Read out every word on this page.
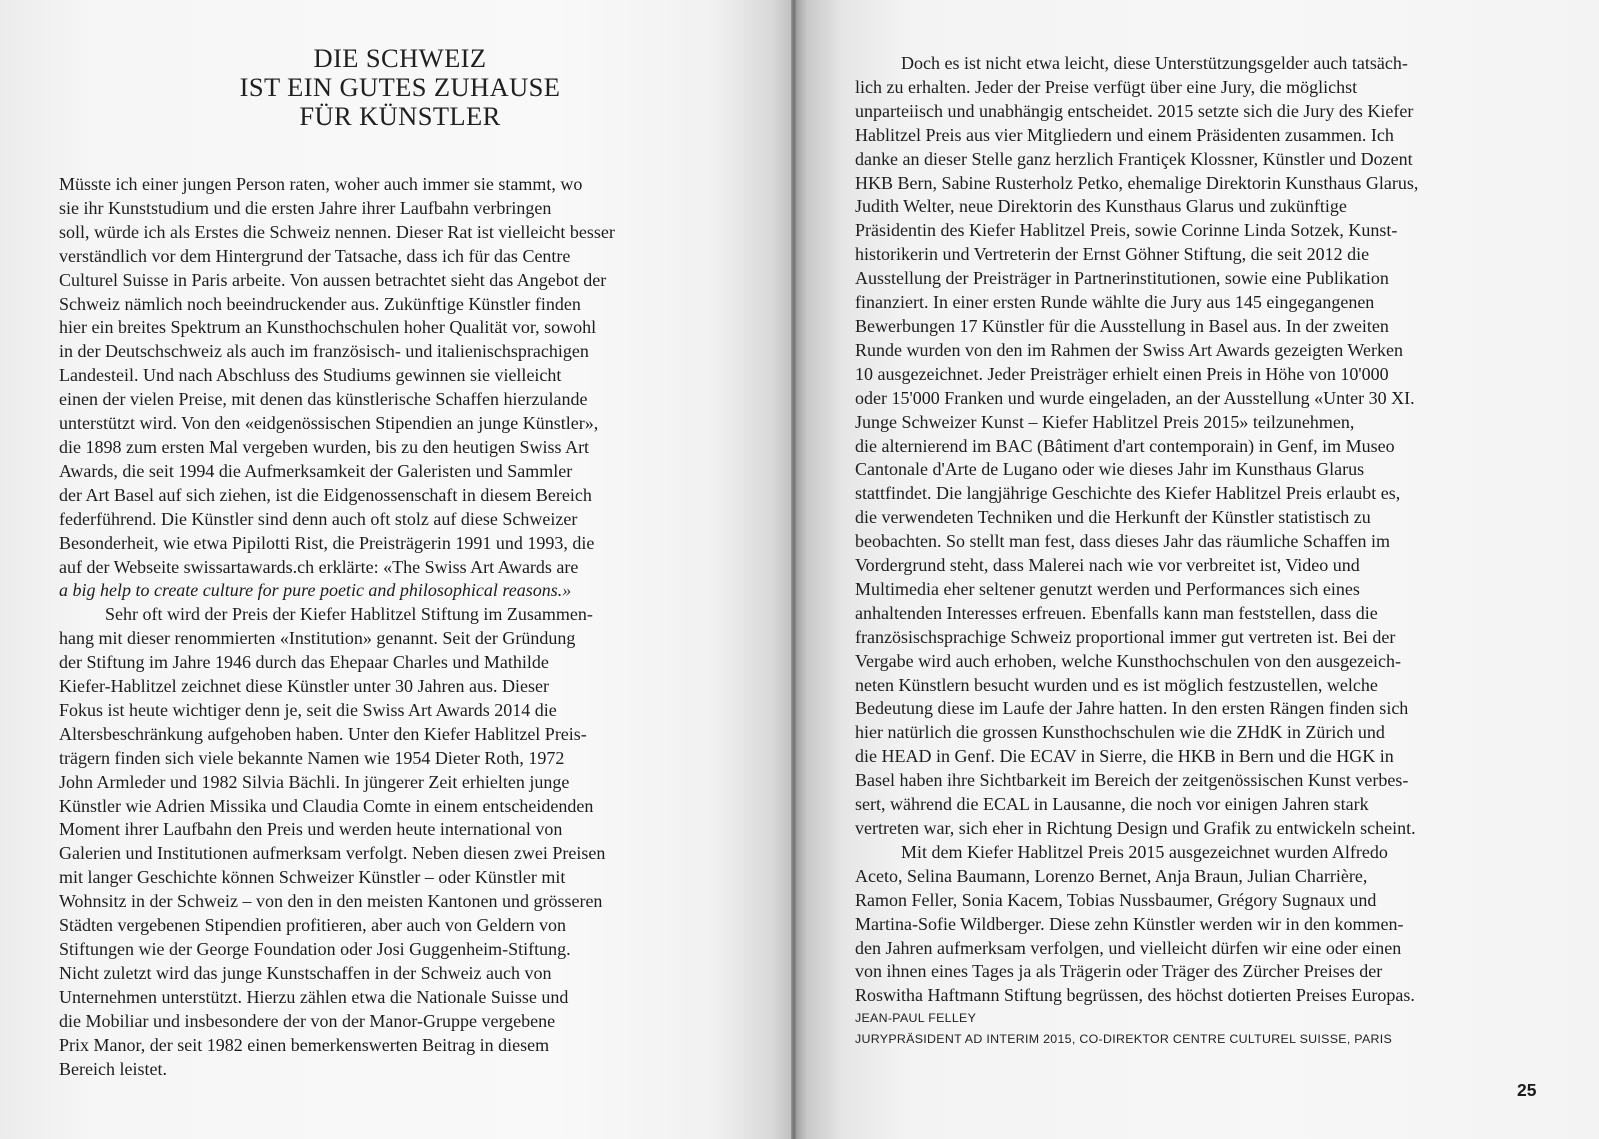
DIE SCHWEIZ
IST EIN GUTES ZUHAUSE
FÜR KÜNSTLER
Müsste ich einer jungen Person raten, woher auch immer sie stammt, wo
sie ihr Kunststudium und die ersten Jahre ihrer Laufbahn verbringen
soll, würde ich als Erstes die Schweiz nennen. Dieser Rat ist vielleicht besser
verständlich vor dem Hintergrund der Tatsache, dass ich für das Centre
Culturel Suisse in Paris arbeite. Von aussen betrachtet sieht das Angebot der
Schweiz nämlich noch beeindruckender aus. Zukünftige Künstler finden
hier ein breites Spektrum an Kunsthochschulen hoher Qualität vor, sowohl
in der Deutschschweiz als auch im französisch- und italienischsprachigen
Landesteil. Und nach Abschluss des Studiums gewinnen sie vielleicht
einen der vielen Preise, mit denen das künstlerische Schaffen hierzulande
unterstützt wird. Von den «eidgenössischen Stipendien an junge Künstler»,
die 1898 zum ersten Mal vergeben wurden, bis zu den heutigen Swiss Art
Awards, die seit 1994 die Aufmerksamkeit der Galeristen und Sammler
der Art Basel auf sich ziehen, ist die Eidgenossenschaft in diesem Bereich
federführend. Die Künstler sind denn auch oft stolz auf diese Schweizer
Besonderheit, wie etwa Pipilotti Rist, die Preisträgerin 1991 und 1993, die
auf der Webseite swissartawards.ch erklärte: «The Swiss Art Awards are
a big help to create culture for pure poetic and philosophical reasons.»
Sehr oft wird der Preis der Kiefer Hablitzel Stiftung im Zusammen-
hang mit dieser renommierten «Institution» genannt. Seit der Gründung
der Stiftung im Jahre 1946 durch das Ehepaar Charles und Mathilde
Kiefer-Hablitzel zeichnet diese Künstler unter 30 Jahren aus. Dieser
Fokus ist heute wichtiger denn je, seit die Swiss Art Awards 2014 die
Altersbeschränkung aufgehoben haben. Unter den Kiefer Hablitzel Preis-
trägern finden sich viele bekannte Namen wie 1954 Dieter Roth, 1972
John Armleder und 1982 Silvia Bächli. In jüngerer Zeit erhielten junge
Künstler wie Adrien Missika und Claudia Comte in einem entscheidenden
Moment ihrer Laufbahn den Preis und werden heute international von
Galerien und Institutionen aufmerksam verfolgt. Neben diesen zwei Preisen
mit langer Geschichte können Schweizer Künstler – oder Künstler mit
Wohnsitz in der Schweiz – von den in den meisten Kantonen und grösseren
Städten vergebenen Stipendien profitieren, aber auch von Geldern von
Stiftungen wie der George Foundation oder Josi Guggenheim-Stiftung.
Nicht zuletzt wird das junge Kunstschaffen in der Schweiz auch von
Unternehmen unterstützt. Hierzu zählen etwa die Nationale Suisse und
die Mobiliar und insbesondere der von der Manor-Gruppe vergebene
Prix Manor, der seit 1982 einen bemerkenswerten Beitrag in diesem
Bereich leistet.
Doch es ist nicht etwa leicht, diese Unterstützungsgelder auch tatsäch-
lich zu erhalten. Jeder der Preise verfügt über eine Jury, die möglichst
unparteiisch und unabhängig entscheidet. 2015 setzte sich die Jury des Kiefer
Hablitzel Preis aus vier Mitgliedern und einem Präsidenten zusammen. Ich
danke an dieser Stelle ganz herzlich Frantiçek Klossner, Künstler und Dozent
HKB Bern, Sabine Rusterholz Petko, ehemalige Direktorin Kunsthaus Glarus,
Judith Welter, neue Direktorin des Kunsthaus Glarus und zukünftige
Präsidentin des Kiefer Hablitzel Preis, sowie Corinne Linda Sotzek, Kunst-
historikerin und Vertreterin der Ernst Göhner Stiftung, die seit 2012 die
Ausstellung der Preisträger in Partnerinstitutionen, sowie eine Publikation
finanziert. In einer ersten Runde wählte die Jury aus 145 eingegangenen
Bewerbungen 17 Künstler für die Ausstellung in Basel aus. In der zweiten
Runde wurden von den im Rahmen der Swiss Art Awards gezeigten Werken
10 ausgezeichnet. Jeder Preisträger erhielt einen Preis in Höhe von 10'000
oder 15'000 Franken und wurde eingeladen, an der Ausstellung «Unter 30 XI.
Junge Schweizer Kunst – Kiefer Hablitzel Preis 2015» teilzunehmen,
die alternierend im BAC (Bâtiment d'art contemporain) in Genf, im Museo
Cantonale d'Arte de Lugano oder wie dieses Jahr im Kunsthaus Glarus
stattfindet. Die langjährige Geschichte des Kiefer Hablitzel Preis erlaubt es,
die verwendeten Techniken und die Herkunft der Künstler statistisch zu
beobachten. So stellt man fest, dass dieses Jahr das räumliche Schaffen im
Vordergrund steht, dass Malerei nach wie vor verbreitet ist, Video und
Multimedia eher seltener genutzt werden und Performances sich eines
anhaltenden Interesses erfreuen. Ebenfalls kann man feststellen, dass die
französischsprachige Schweiz proportional immer gut vertreten ist. Bei der
Vergabe wird auch erhoben, welche Kunsthochschulen von den ausgezeich-
neten Künstlern besucht wurden und es ist möglich festzustellen, welche
Bedeutung diese im Laufe der Jahre hatten. In den ersten Rängen finden sich
hier natürlich die grossen Kunsthochschulen wie die ZHdK in Zürich und
die HEAD in Genf. Die ECAV in Sierre, die HKB in Bern und die HGK in
Basel haben ihre Sichtbarkeit im Bereich der zeitgenössischen Kunst verbes-
sert, während die ECAL in Lausanne, die noch vor einigen Jahren stark
vertreten war, sich eher in Richtung Design und Grafik zu entwickeln scheint.
Mit dem Kiefer Hablitzel Preis 2015 ausgezeichnet wurden Alfredo
Aceto, Selina Baumann, Lorenzo Bernet, Anja Braun, Julian Charrière,
Ramon Feller, Sonia Kacem, Tobias Nussbaumer, Grégory Sugnaux und
Martina-Sofie Wildberger. Diese zehn Künstler werden wir in den kommen-
den Jahren aufmerksam verfolgen, und vielleicht dürfen wir eine oder einen
von ihnen eines Tages ja als Trägerin oder Träger des Zürcher Preises der
Roswitha Haftmann Stiftung begrüssen, des höchst dotierten Preises Europas.
JEAN-PAUL FELLEY
JURYPRÄSIDENT AD INTERIM 2015, CO-DIREKTOR CENTRE CULTUREL SUISSE, PARIS
25
